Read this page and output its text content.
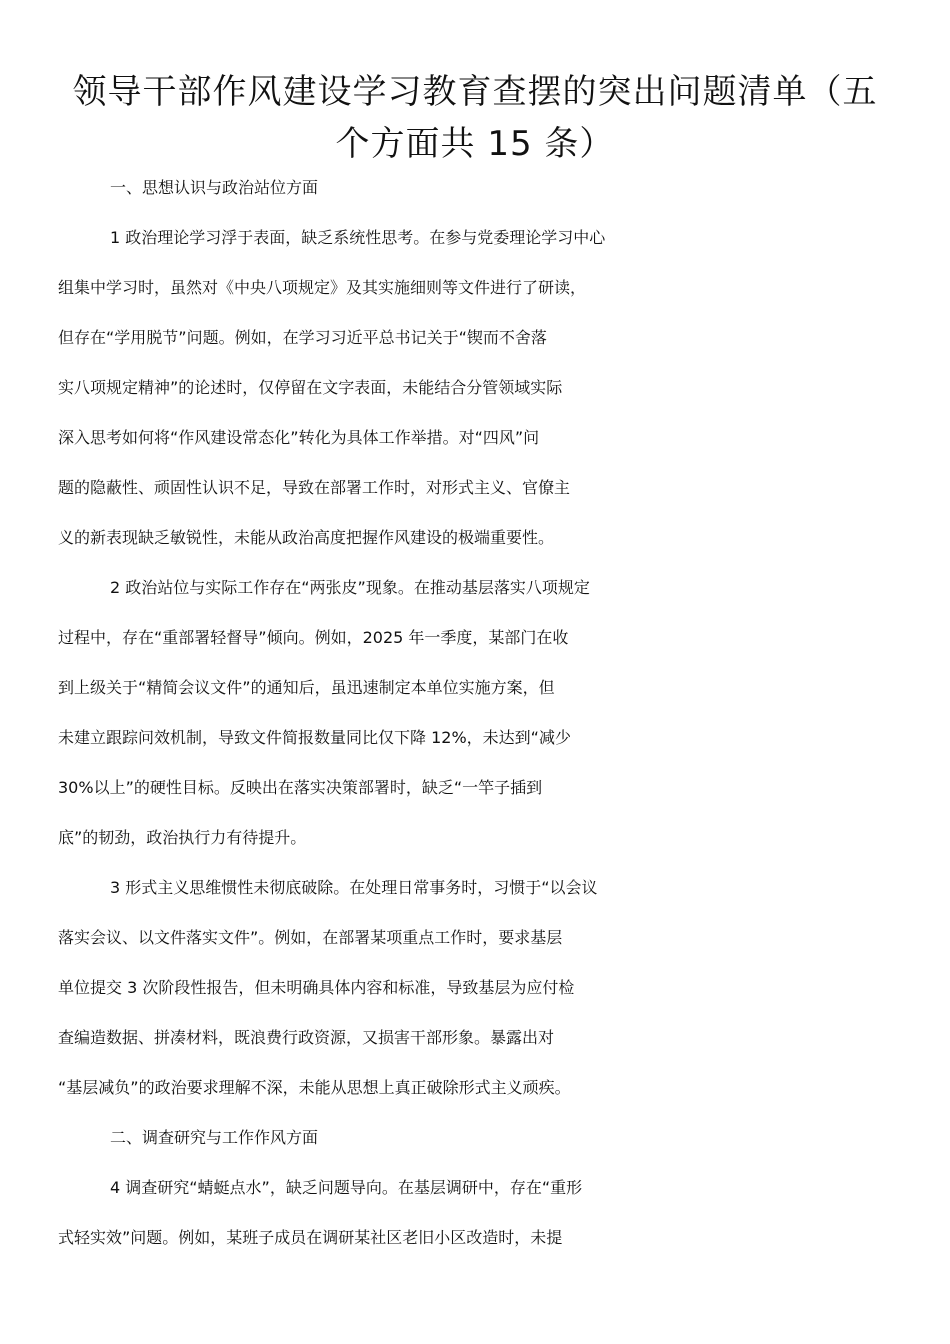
领导干部作风建设学习教育查摆的突出问题清单（五
个方面共 15 条）
一、思想认识与政治站位方面
1 政治理论学习浮于表面，缺乏系统性思考。在参与党委理论学习中心
组集中学习时，虽然对《中央八项规定》及其实施细则等文件进行了研读，
但存在“学用脱节”问题。例如，在学习习近平总书记关于“锲而不舍落
实八项规定精神”的论述时，仅停留在文字表面，未能结合分管领域实际
深入思考如何将“作风建设常态化”转化为具体工作举措。对“四风”问
题的隐蔽性、顽固性认识不足，导致在部署工作时，对形式主义、官僚主
义的新表现缺乏敏锐性，未能从政治高度把握作风建设的极端重要性。
2 政治站位与实际工作存在“两张皮”现象。在推动基层落实八项规定
过程中，存在“重部署轻督导”倾向。例如，2025 年一季度，某部门在收
到上级关于“精简会议文件”的通知后，虽迅速制定本单位实施方案，但
未建立跟踪问效机制，导致文件简报数量同比仅下降 12%，未达到“减少
30%以上”的硬性目标。反映出在落实决策部署时，缺乏“一竿子插到
底”的韧劲，政治执行力有待提升。
3 形式主义思维惯性未彻底破除。在处理日常事务时，习惯于“以会议
落实会议、以文件落实文件”。例如，在部署某项重点工作时，要求基层
单位提交 3 次阶段性报告，但未明确具体内容和标准，导致基层为应付检
查编造数据、拼凑材料，既浪费行政资源，又损害干部形象。暴露出对
“基层减负”的政治要求理解不深，未能从思想上真正破除形式主义顽疾。
二、调查研究与工作作风方面
4 调查研究“蜻蜓点水”，缺乏问题导向。在基层调研中，存在“重形
式轻实效”问题。例如，某班子成员在调研某社区老旧小区改造时，未提
